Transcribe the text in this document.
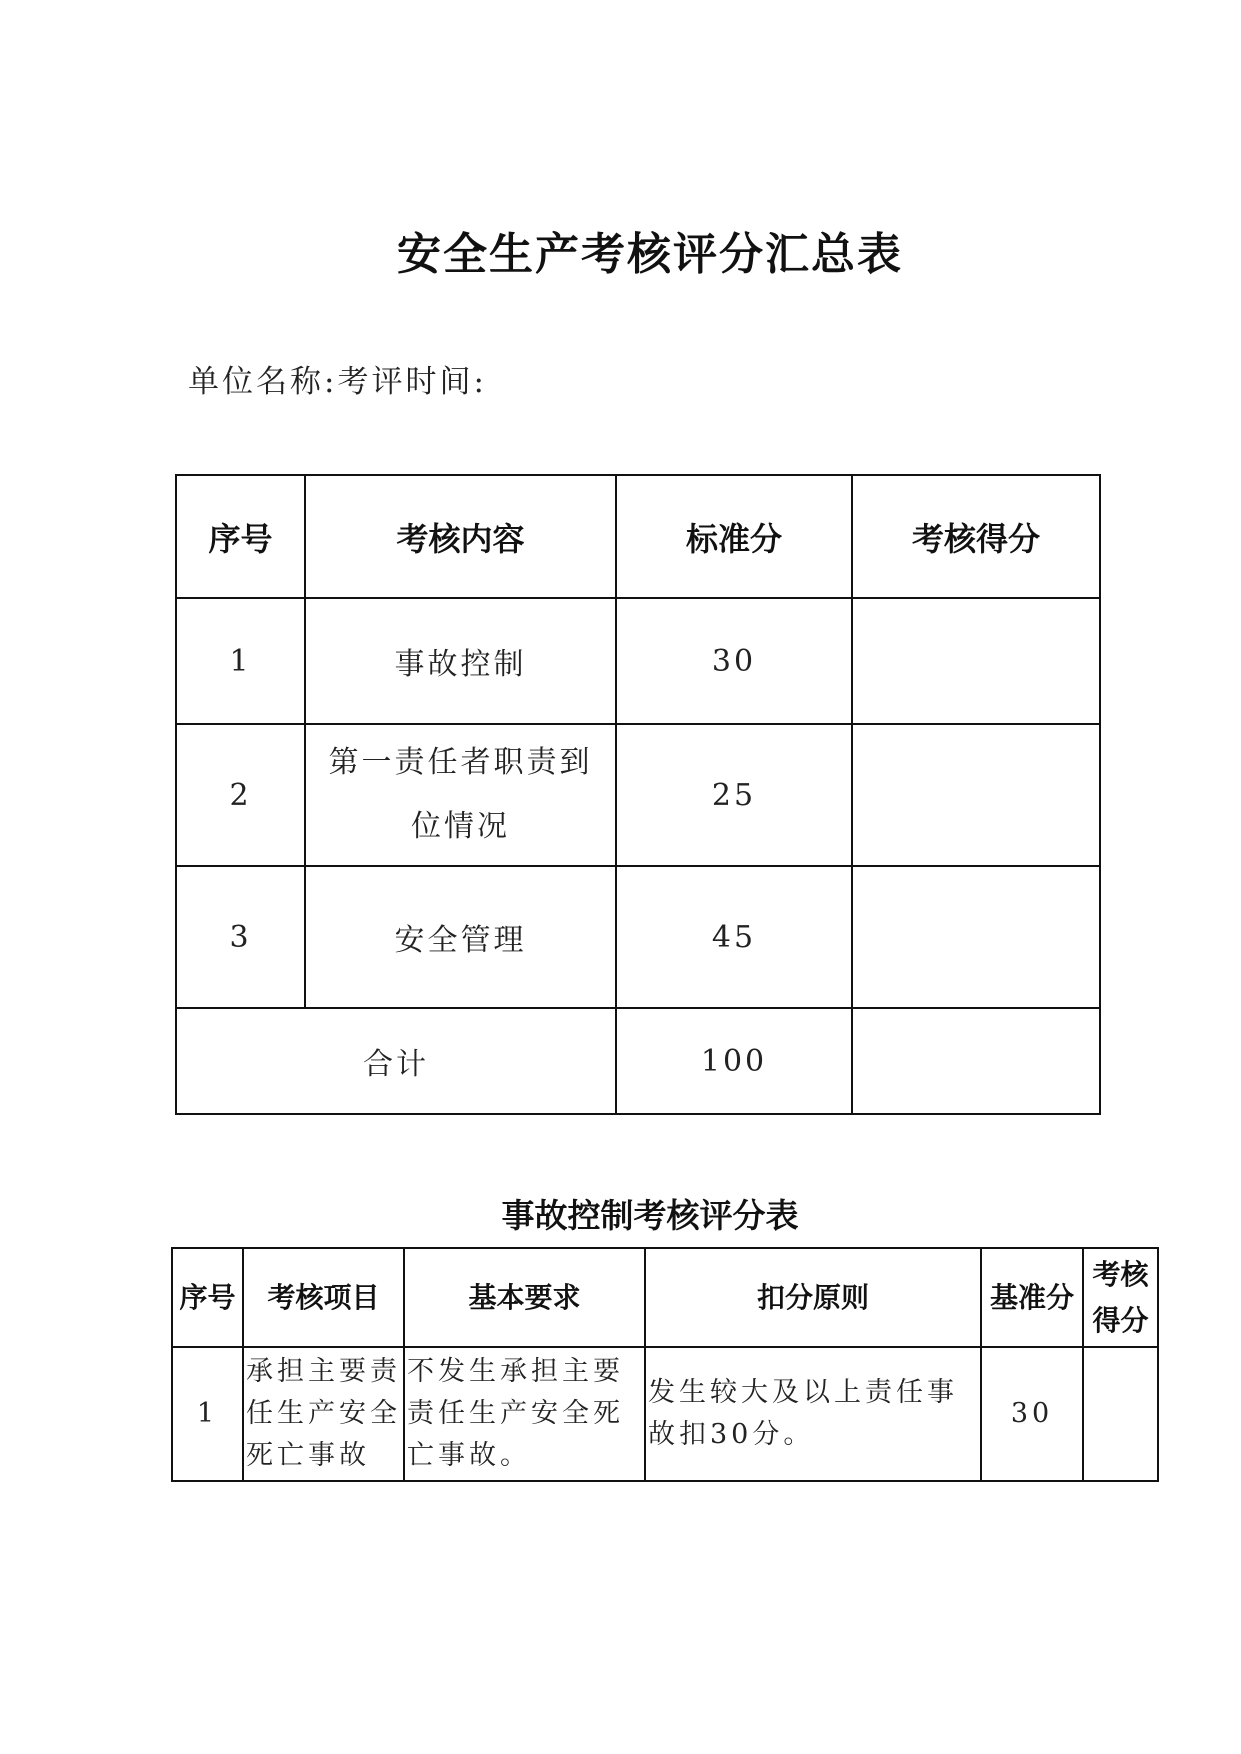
安全生产考核评分汇总表
单位名称:考评时间:
序号	考核内容	标准分	考核得分
1	事故控制	30	
2	第一责任者职责到位情况	25	
3	安全管理	45	
合计		100	
事故控制考核评分表
序号	考核项目	基本要求	扣分原则	基准分	考核得分
1	承担主要责任生产安全死亡事故	不发生承担主要责任生产安全死亡事故。	发生较大及以上责任事故扣30分。	30	
